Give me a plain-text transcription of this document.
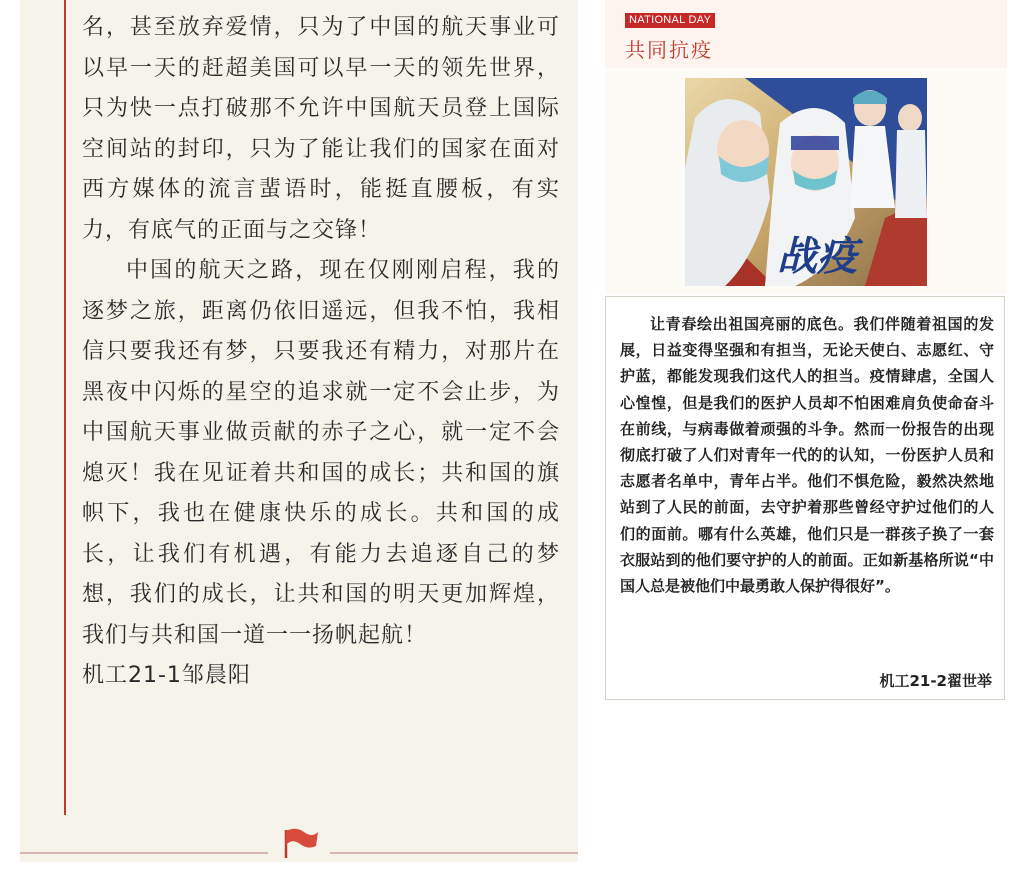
名，甚至放弃爱情，只为了中国的航天事业可以早一天的赶超美国可以早一天的领先世界，只为快一点打破那不允许中国航天员登上国际空间站的封印，只为了能让我们的国家在面对西方媒体的流言蜚语时，能挺直腰板，有实力，有底气的正面与之交锋！

中国的航天之路，现在仅刚刚启程，我的逐梦之旅，距离仍依旧遥远，但我不怕，我相信只要我还有梦，只要我还有精力，对那片在黑夜中闪烁的星空的追求就一定不会止步，为中国航天事业做贡献的赤子之心，就一定不会熄灭！我在见证着共和国的成长；共和国的旗帜下，我也在健康快乐的成长。共和国的成长，让我们有机遇，有能力去追逐自己的梦想，我们的成长，让共和国的明天更加辉煌，我们与共和国一道一一扬帆起航！

机工21-1邹晨阳

NATIONAL DAY
共同抗疫
战疫

让青春绘出祖国亮丽的底色。我们伴随着祖国的发展，日益变得坚强和有担当，无论天使白、志愿红、守护蓝，都能发现我们这代人的担当。疫情肆虐，全国人心惶惶，但是我们的医护人员却不怕困难肩负使命奋斗在前线，与病毒做着顽强的斗争。然而一份报告的出现彻底打破了人们对青年一代的的认知，一份医护人员和志愿者名单中，青年占半。他们不惧危险，毅然决然地站到了人民的前面，去守护着那些曾经守护过他们的人们的面前。哪有什么英雄，他们只是一群孩子换了一套衣服站到的他们要守护的人的前面。正如新基格所说“中国人总是被他们中最勇敢人保护得很好”。

机工21-2翟世举
